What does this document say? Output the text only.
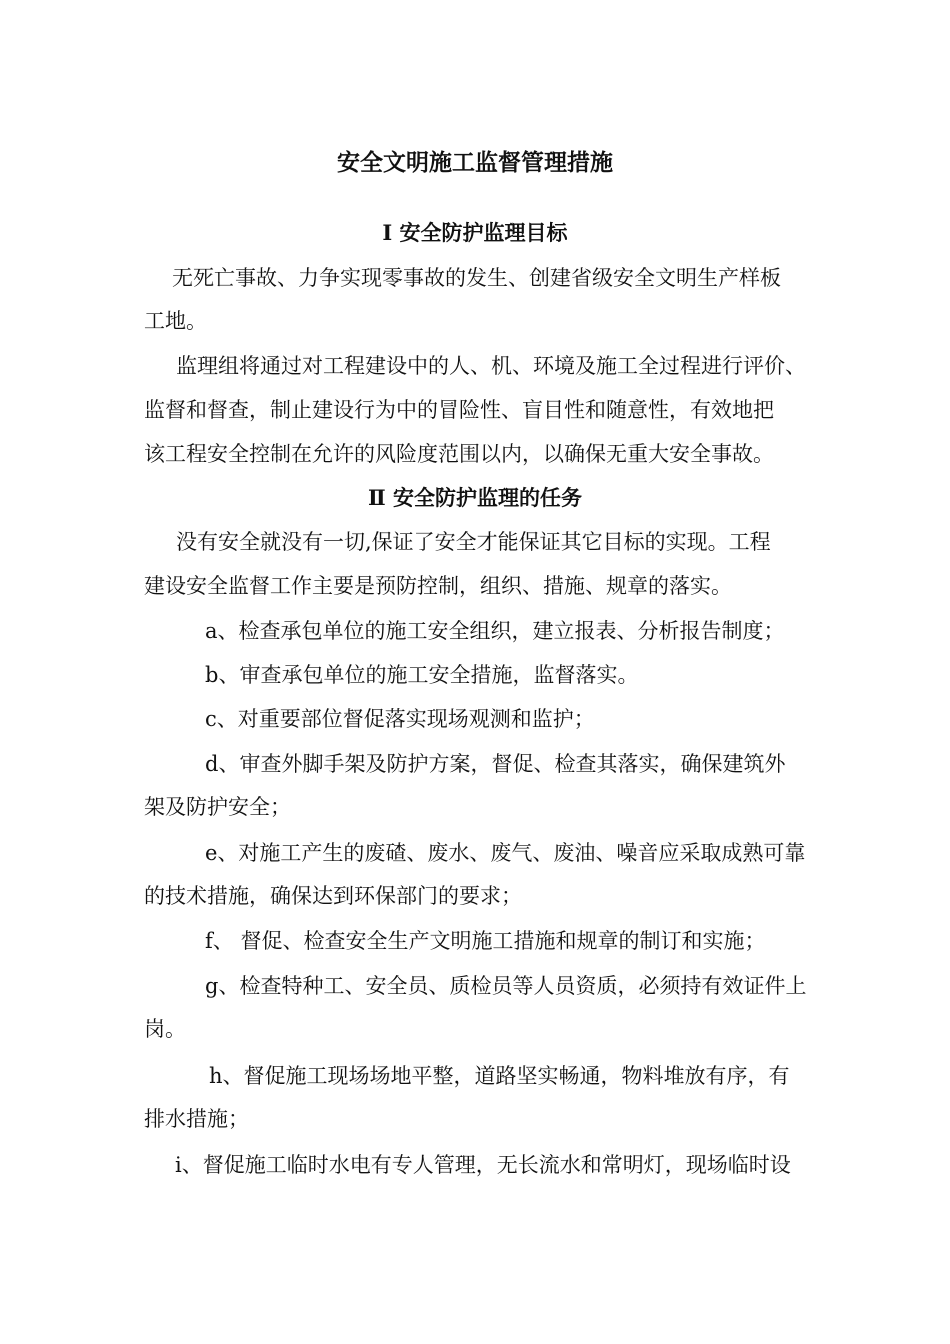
安全文明施工监督管理措施
Ⅰ 安全防护监理目标
无死亡事故、力争实现零事故的发生、创建省级安全文明生产样板
工地。
监理组将通过对工程建设中的人、机、环境及施工全过程进行评价、
监督和督查，制止建设行为中的冒险性、盲目性和随意性，有效地把
该工程安全控制在允许的风险度范围以内，以确保无重大安全事故。
Ⅱ 安全防护监理的任务
没有安全就没有一切,保证了安全才能保证其它目标的实现。工程
建设安全监督工作主要是预防控制，组织、措施、规章的落实。
a、检查承包单位的施工安全组织，建立报表、分析报告制度；
b、审查承包单位的施工安全措施，监督落实。
c、对重要部位督促落实现场观测和监护；
d、审查外脚手架及防护方案，督促、检查其落实，确保建筑外
架及防护安全；
e、对施工产生的废碴、废水、废气、废油、噪音应采取成熟可靠
的技术措施，确保达到环保部门的要求；
f、 督促、检查安全生产文明施工措施和规章的制订和实施；
g、检查特种工、安全员、质检员等人员资质，必须持有效证件上
岗。
h、督促施工现场场地平整，道路坚实畅通，物料堆放有序，有
排水措施；
i、督促施工临时水电有专人管理，无长流水和常明灯，现场临时设
